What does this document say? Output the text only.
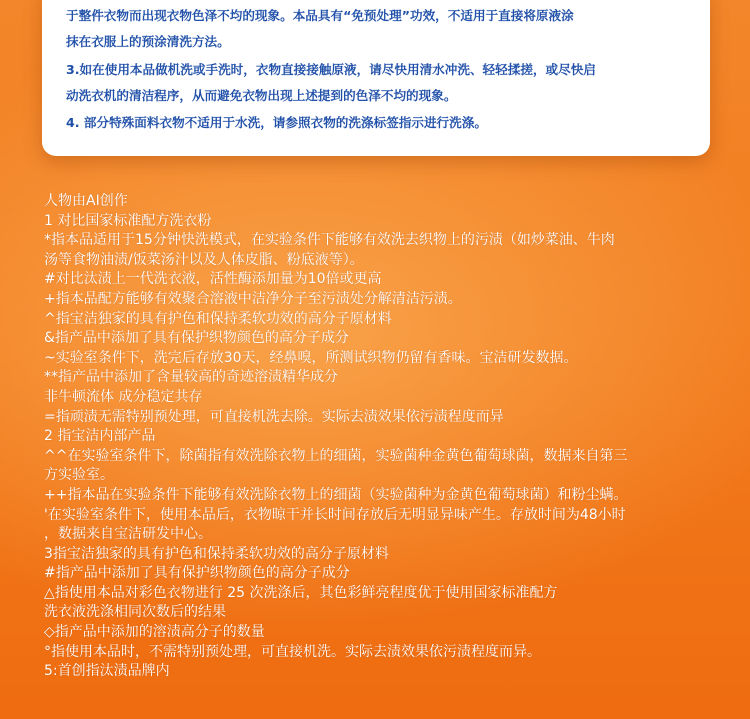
于整件衣物而出现衣物色泽不均的现象。本品具有“免预处理”功效，不适用于直接将原液涂
抹在衣服上的预涂清洗方法。
3.如在使用本品做机洗或手洗时，衣物直接接触原液，请尽快用清水冲洗、轻轻揉搓，或尽快启
动洗衣机的清洁程序，从而避免衣物出现上述提到的色泽不均的现象。
4. 部分特殊面料衣物不适用于水洗，请参照衣物的洗涤标签指示进行洗涤。
人物由AI创作
1 对比国家标准配方洗衣粉
*指本品适用于15分钟快洗模式，在实验条件下能够有效洗去织物上的污渍（如炒菜油、牛肉
汤等食物油渍/饭菜汤汁以及人体皮脂、粉底液等）。
#对比汰渍上一代洗衣液，活性酶添加量为10倍或更高
+指本品配方能够有效聚合溶液中洁净分子至污渍处分解清洁污渍。
^指宝洁独家的具有护色和保持柔软功效的高分子原材料
&指产品中添加了具有保护织物颜色的高分子成分
~实验室条件下，洗完后存放30天，经鼻嗅，所测试织物仍留有香味。宝洁研发数据。
**指产品中添加了含量较高的奇迹溶渍精华成分
非牛顿流体 成分稳定共存
=指顽渍无需特别预处理，可直接机洗去除。实际去渍效果依污渍程度而异
2 指宝洁内部产品
^^在实验室条件下，除菌指有效洗除衣物上的细菌，实验菌种金黄色葡萄球菌，数据来自第三
方实验室。
++指本品在实验条件下能够有效洗除衣物上的细菌（实验菌种为金黄色葡萄球菌）和粉尘螨。
'在实验室条件下，使用本品后，衣物晾干并长时间存放后无明显异味产生。存放时间为48小时
，数据来自宝洁研发中心。
3指宝洁独家的具有护色和保持柔软功效的高分子原材料
#指产品中添加了具有保护织物颜色的高分子成分
△指使用本品对彩色衣物进行 25 次洗涤后，其色彩鲜亮程度优于使用国家标准配方
洗衣液洗涤相同次数后的结果
◇指产品中添加的溶渍高分子的数量
°指使用本品时，不需特别预处理，可直接机洗。实际去渍效果依污渍程度而异。
5:首创指汰渍品牌内
